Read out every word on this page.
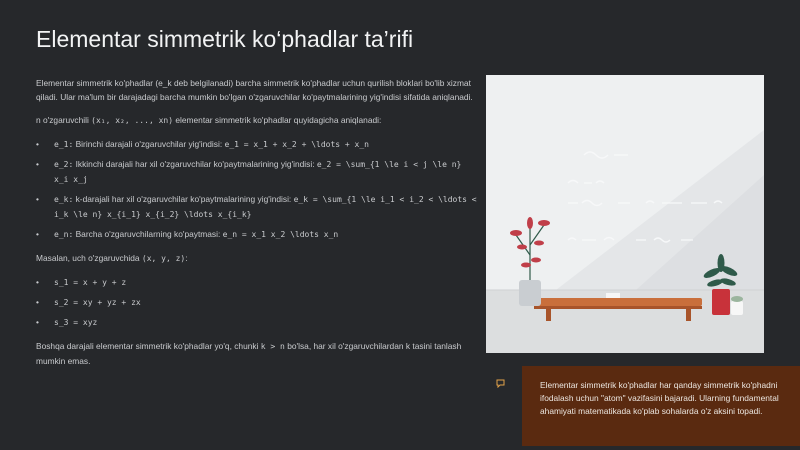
Elementar simmetrik ko‘phadlar ta’rifi

Elementar simmetrik ko'phadlar (e_k deb belgilanadi) barcha simmetrik ko'phadlar uchun qurilish bloklari bo'lib xizmat qiladi. Ular ma'lum bir darajadagi barcha mumkin bo'lgan o'zgaruvchilar ko'paytmalarining yig'indisi sifatida aniqlanadi.

n o'zgaruvchili (x₁, x₂, ..., xn) elementar simmetrik ko'phadlar quyidagicha aniqlanadi:

• e_1: Birinchi darajali o'zgaruvchilar yig'indisi: e_1 = x_1 + x_2 + \ldots + x_n
• e_2: Ikkinchi darajali har xil o'zgaruvchilar ko'paytmalarining yig'indisi: e_2 = \sum_{1 \le i < j \le n} x_i x_j
• e_k: k-darajali har xil o'zgaruvchilar ko'paytmalarining yig'indisi: e_k = \sum_{1 \le i_1 < i_2 < \ldots < i_k \le n} x_{i_1} x_{i_2} \ldots x_{i_k}
• e_n: Barcha o'zgaruvchilarning ko'paytmasi: e_n = x_1 x_2 \ldots x_n

Masalan, uch o'zgaruvchida (x, y, z):

• s_1 = x + y + z
• s_2 = xy + yz + zx
• s_3 = xyz

Boshqa darajali elementar simmetrik ko'phadlar yo'q, chunki k > n bo'lsa, har xil o'zgaruvchilardan k tasini tanlash mumkin emas.

Elementar simmetrik ko'phadlar har qanday simmetrik ko'phadni ifodalash uchun "atom" vazifasini bajaradi. Ularning fundamental ahamiyati matematikada ko'plab sohalarda o'z aksini topadi.
